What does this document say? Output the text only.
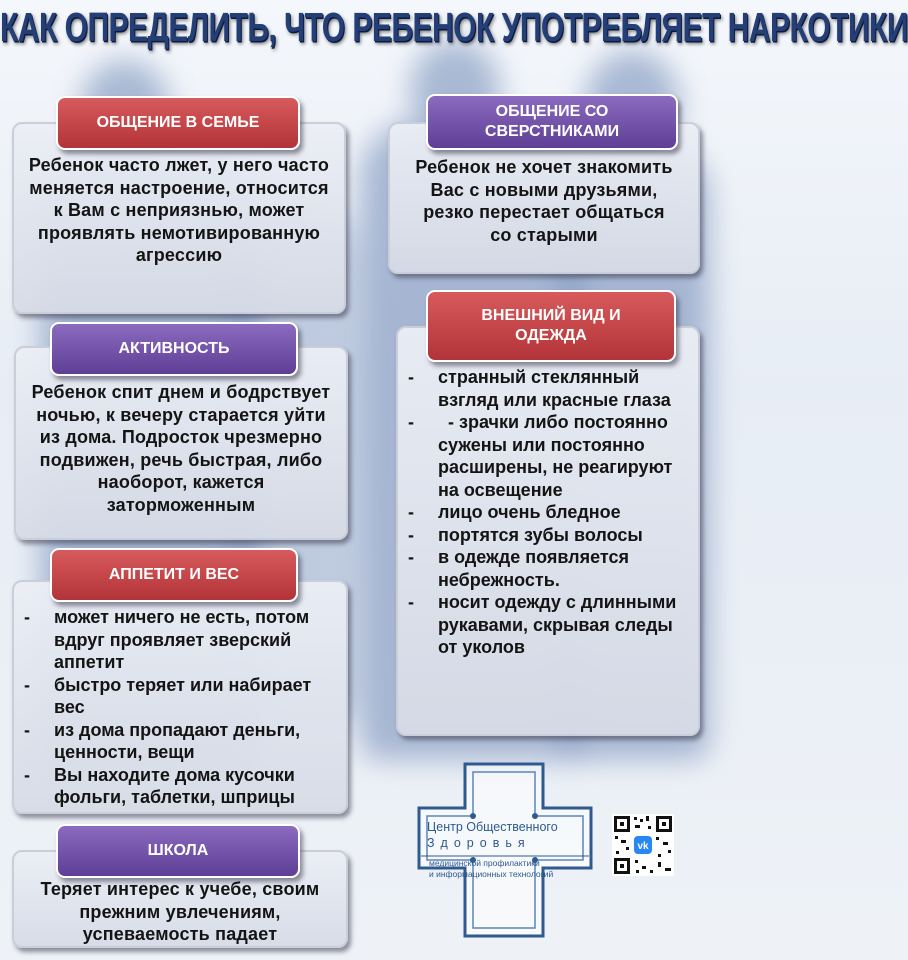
КАК ОПРЕДЕЛИТЬ, ЧТО РЕБЕНОК УПОТРЕБЛЯЕТ НАРКОТИКИ
Ребенок часто лжет, у него часто меняется настроение, относится к Вам с неприязнью, может проявлять немотивированную агрессию
ОБЩЕНИЕ В СЕМЬЕ
Ребенок не хочет знакомить Вас с новыми друзьями, резко перестает общаться со старыми
ОБЩЕНИЕ СО СВЕРСТНИКАМИ
Ребенок спит днем и бодрствует ночью, к вечеру старается уйти из дома. Подросток чрезмерно подвижен, речь быстрая, либо наоборот, кажется заторможенным
АКТИВНОСТЬ
- странный стеклянный взгляд или красные глаза
- - зрачки либо постоянно сужены или постоянно расширены, не реагируют на освещение
- лицо очень бледное
- портятся зубы волосы
- в одежде появляется небрежность.
- носит одежду с длинными рукавами, скрывая следы от уколов
ВНЕШНИЙ ВИД И ОДЕЖДА
- может ничего не есть, потом вдруг проявляет зверский аппетит
- быстро теряет или набирает вес
- из дома пропадают деньги, ценности, вещи
- Вы находите дома кусочки фольги, таблетки, шприцы
АППЕТИТ И ВЕС
Теряет интерес к учебе, своим прежним увлечениям, успеваемость падает
ШКОЛА
Центр Общественного
Здоровья
медицинской профилактики
и информационных технологий
vk
